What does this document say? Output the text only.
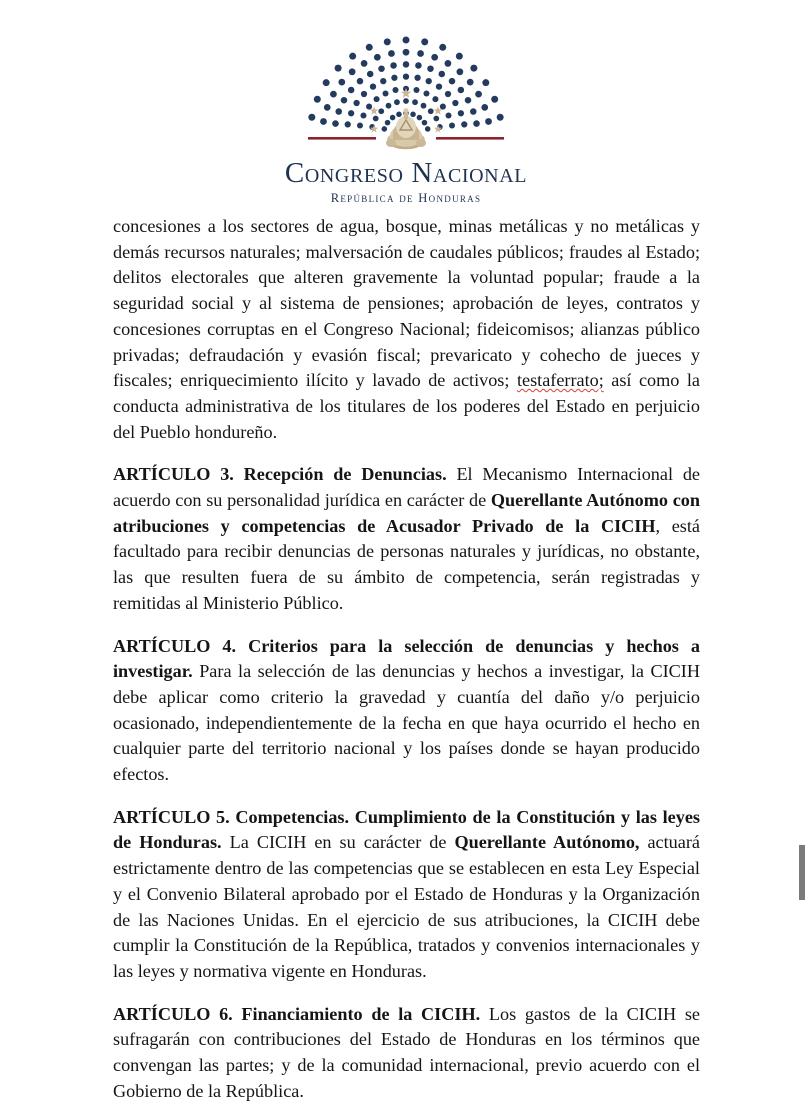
Congreso Nacional
República de Honduras

concesiones a los sectores de agua, bosque, minas metálicas y no metálicas y demás recursos naturales; malversación de caudales públicos; fraudes al Estado; delitos electorales que alteren gravemente la voluntad popular; fraude a la seguridad social y al sistema de pensiones; aprobación de leyes, contratos y concesiones corruptas en el Congreso Nacional; fideicomisos; alianzas público privadas; defraudación y evasión fiscal; prevaricato y cohecho de jueces y fiscales; enriquecimiento ilícito y lavado de activos; testaferrato; así como la conducta administrativa de los titulares de los poderes del Estado en perjuicio del Pueblo hondureño.

ARTÍCULO 3. Recepción de Denuncias. El Mecanismo Internacional de acuerdo con su personalidad jurídica en carácter de Querellante Autónomo con atribuciones y competencias de Acusador Privado de la CICIH, está facultado para recibir denuncias de personas naturales y jurídicas, no obstante, las que resulten fuera de su ámbito de competencia, serán registradas y remitidas al Ministerio Público.

ARTÍCULO 4. Criterios para la selección de denuncias y hechos a investigar. Para la selección de las denuncias y hechos a investigar, la CICIH debe aplicar como criterio la gravedad y cuantía del daño y/o perjuicio ocasionado, independientemente de la fecha en que haya ocurrido el hecho en cualquier parte del territorio nacional y los países donde se hayan producido efectos.

ARTÍCULO 5. Competencias. Cumplimiento de la Constitución y las leyes de Honduras. La CICIH en su carácter de Querellante Autónomo, actuará estrictamente dentro de las competencias que se establecen en esta Ley Especial y el Convenio Bilateral aprobado por el Estado de Honduras y la Organización de las Naciones Unidas. En el ejercicio de sus atribuciones, la CICIH debe cumplir la Constitución de la República, tratados y convenios internacionales y las leyes y normativa vigente en Honduras.

ARTÍCULO 6. Financiamiento de la CICIH. Los gastos de la CICIH se sufragarán con contribuciones del Estado de Honduras en los términos que convengan las partes; y de la comunidad internacional, previo acuerdo con el Gobierno de la República.
